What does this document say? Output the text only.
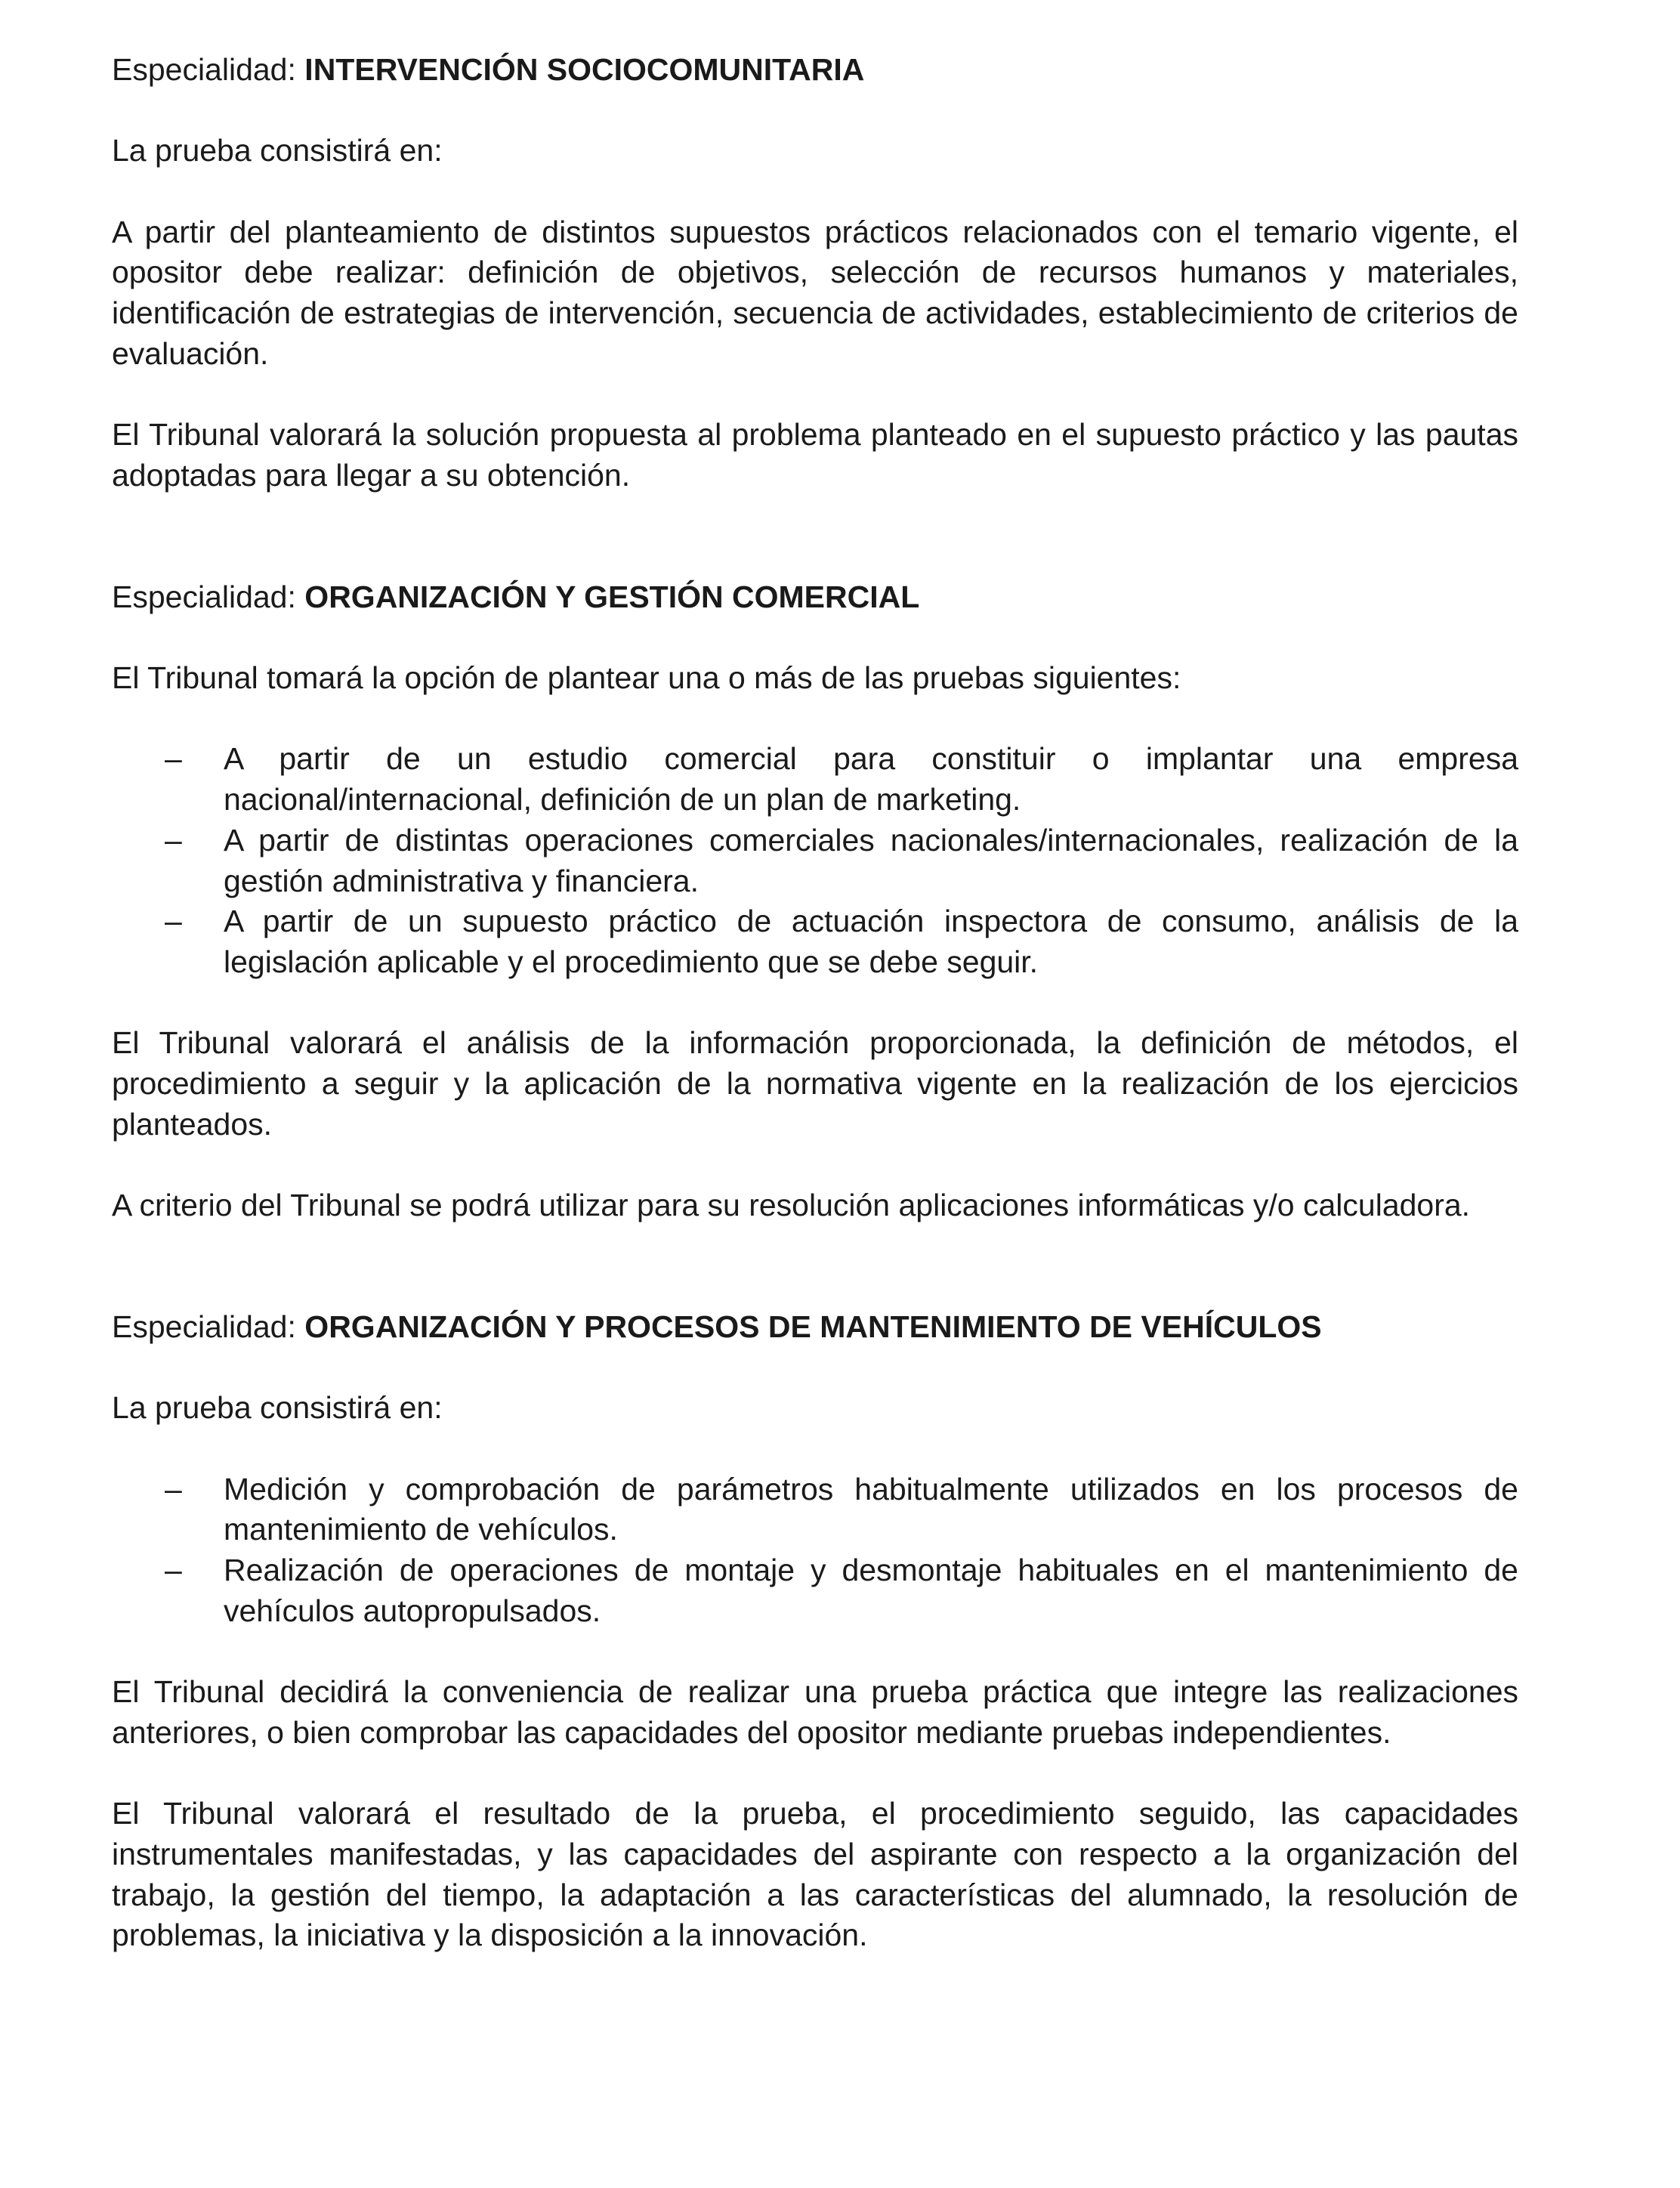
Especialidad: INTERVENCIÓN SOCIOCOMUNITARIA

La prueba consistirá en:

A partir del planteamiento de distintos supuestos prácticos relacionados con el temario vigente, el opositor debe realizar: definición de objetivos, selección de recursos humanos y materiales, identificación de estrategias de intervención, secuencia de actividades, establecimiento de criterios de evaluación.

El Tribunal valorará la solución propuesta al problema planteado en el supuesto práctico y las pautas adoptadas para llegar a su obtención.

Especialidad: ORGANIZACIÓN Y GESTIÓN COMERCIAL

El Tribunal tomará la opción de plantear una o más de las pruebas siguientes:

– A partir de un estudio comercial para constituir o implantar una empresa nacional/internacional, definición de un plan de marketing.
– A partir de distintas operaciones comerciales nacionales/internacionales, realización de la gestión administrativa y financiera.
– A partir de un supuesto práctico de actuación inspectora de consumo, análisis de la legislación aplicable y el procedimiento que se debe seguir.

El Tribunal valorará el análisis de la información proporcionada, la definición de métodos, el procedimiento a seguir y la aplicación de la normativa vigente en la realización de los ejercicios planteados.

A criterio del Tribunal se podrá utilizar para su resolución aplicaciones informáticas y/o calculadora.

Especialidad: ORGANIZACIÓN Y PROCESOS DE MANTENIMIENTO DE VEHÍCULOS

La prueba consistirá en:

– Medición y comprobación de parámetros habitualmente utilizados en los procesos de mantenimiento de vehículos.
– Realización de operaciones de montaje y desmontaje habituales en el mantenimiento de vehículos autopropulsados.

El Tribunal decidirá la conveniencia de realizar una prueba práctica que integre las realizaciones anteriores, o bien comprobar las capacidades del opositor mediante pruebas independientes.

El Tribunal valorará el resultado de la prueba, el procedimiento seguido, las capacidades instrumentales manifestadas, y las capacidades del aspirante con respecto a la organización del trabajo, la gestión del tiempo, la adaptación a las características del alumnado, la resolución de problemas, la iniciativa y la disposición a la innovación.
